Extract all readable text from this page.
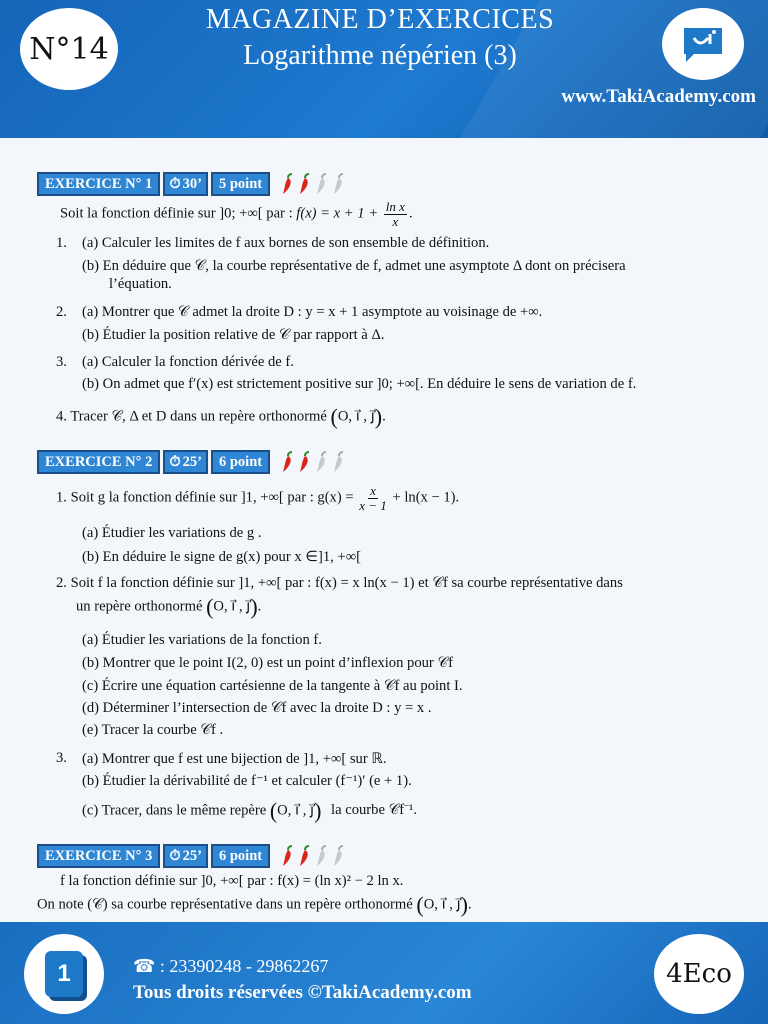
N°14
MAGAZINE D’EXERCICES
Logarithme népérien (3)
www.TakiAcademy.com
EXERCICE N° 1	⏱ 30’	5 point
Soit la fonction définie sur ]0; +∞[ par : $f(x) = x + 1 + \frac{\text{ln x}}{x}$ .
1. (a) Calculer les limites de f aux bornes de son ensemble de définition.
(b) En déduire que 𝒞, la courbe représentative de f, admet une asymptote Δ dont on précisera
l’équation.
2. (a) Montrer que 𝒞 admet la droite D : y = x + 1 asymptote au voisinage de +∞.
(b) Étudier la position relative de 𝒞 par rapport à Δ.
3. (a) Calculer la fonction dérivée de f.
(b) On admet que f′(x) est strictement positive sur ]0; +∞[. En déduire le sens de variation de f.
4. Tracer 𝒞, Δ et D dans un repère orthonormé (O, i⃗ , j⃗).
EXERCICE N° 2	⏱ 25’	6 point
1. Soit g la fonction définie sur ]1, +∞[ par : $g(x) = \frac{x}{x - 1} + \ln(x - 1)$.
(a) Étudier les variations de g .
(b) En déduire le signe de g(x) pour x ∈]1, +∞[
2. Soit f la fonction définie sur ]1, +∞[ par : f(x) = x ln(x − 1) et 𝒞f sa courbe représentative dans
un repère orthonormé (O, i⃗ , j⃗).
(a) Étudier les variations de la fonction f.
(b) Montrer que le point I(2, 0) est un point d’inflexion pour 𝒞f
(c) Écrire une équation cartésienne de la tangente à 𝒞f au point I.
(d) Déterminer l’intersection de 𝒞f avec la droite D : y = x .
(e) Tracer la courbe 𝒞f .
3. (a) Montrer que f est une bijection de ]1, +∞[ sur ℝ.
(b) Étudier la dérivabilité de f⁻¹ et calculer (f⁻¹)′ (e + 1).
(c) Tracer, dans le même repère (O, i⃗ , j⃗) la courbe 𝒞f⁻¹.
EXERCICE N° 3	⏱ 25’	6 point
f la fonction définie sur ]0, +∞[ par : f(x) = (ln x)² − 2 ln x.
On note (𝒞) sa courbe représentative dans un repère orthonormé (O, i⃗ , j⃗).
1	☎ : 23390248 - 29862267
Tous droits réservées ©TakiAcademy.com
4Eco
